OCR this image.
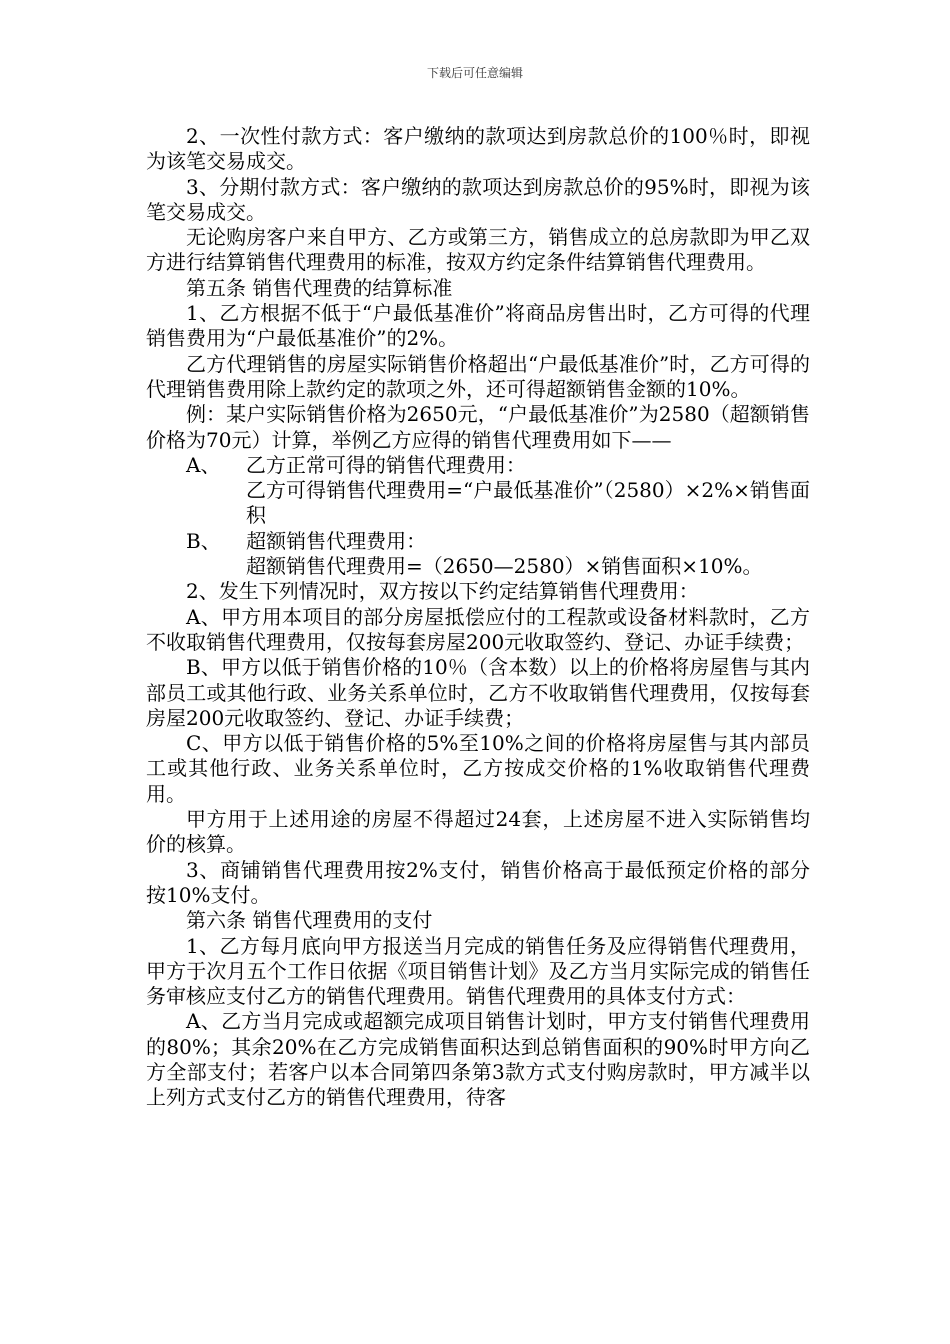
下载后可任意编辑

2、一次性付款方式：客户缴纳的款项达到房款总价的100％时，即视为该笔交易成交。

3、分期付款方式：客户缴纳的款项达到房款总价的95%时，即视为该笔交易成交。

无论购房客户来自甲方、乙方或第三方，销售成立的总房款即为甲乙双方进行结算销售代理费用的标准，按双方约定条件结算销售代理费用。

第五条 销售代理费的结算标准

1、乙方根据不低于“户最低基准价”将商品房售出时，乙方可得的代理销售费用为“户最低基准价”的2%。

乙方代理销售的房屋实际销售价格超出“户最低基准价”时，乙方可得的代理销售费用除上款约定的款项之外，还可得超额销售金额的10%。

例：某户实际销售价格为2650元，“户最低基准价”为2580（超额销售价格为70元）计算，举例乙方应得的销售代理费用如下——

A、    乙方正常可得的销售代理费用：

乙方可得销售代理费用=“户最低基准价”（2580）×2%×销售面积

B、    超额销售代理费用：

超额销售代理费用=（2650—2580）×销售面积×10%。

2、发生下列情况时，双方按以下约定结算销售代理费用：

A、甲方用本项目的部分房屋抵偿应付的工程款或设备材料款时，乙方不收取销售代理费用，仅按每套房屋200元收取签约、登记、办证手续费；

B、甲方以低于销售价格的10％（含本数）以上的价格将房屋售与其内部员工或其他行政、业务关系单位时，乙方不收取销售代理费用，仅按每套房屋200元收取签约、登记、办证手续费；

C、甲方以低于销售价格的5%至10%之间的价格将房屋售与其内部员工或其他行政、业务关系单位时，乙方按成交价格的1%收取销售代理费用。

甲方用于上述用途的房屋不得超过24套，上述房屋不进入实际销售均价的核算。

3、商铺销售代理费用按2%支付，销售价格高于最低预定价格的部分按10%支付。

第六条 销售代理费用的支付

1、乙方每月底向甲方报送当月完成的销售任务及应得销售代理费用，甲方于次月五个工作日依据《项目销售计划》及乙方当月实际完成的销售任务审核应支付乙方的销售代理费用。销售代理费用的具体支付方式：

A、乙方当月完成或超额完成项目销售计划时，甲方支付销售代理费用的80%；其余20%在乙方完成销售面积达到总销售面积的90%时甲方向乙方全部支付；若客户以本合同第四条第3款方式支付购房款时，甲方减半以上列方式支付乙方的销售代理费用，待客
